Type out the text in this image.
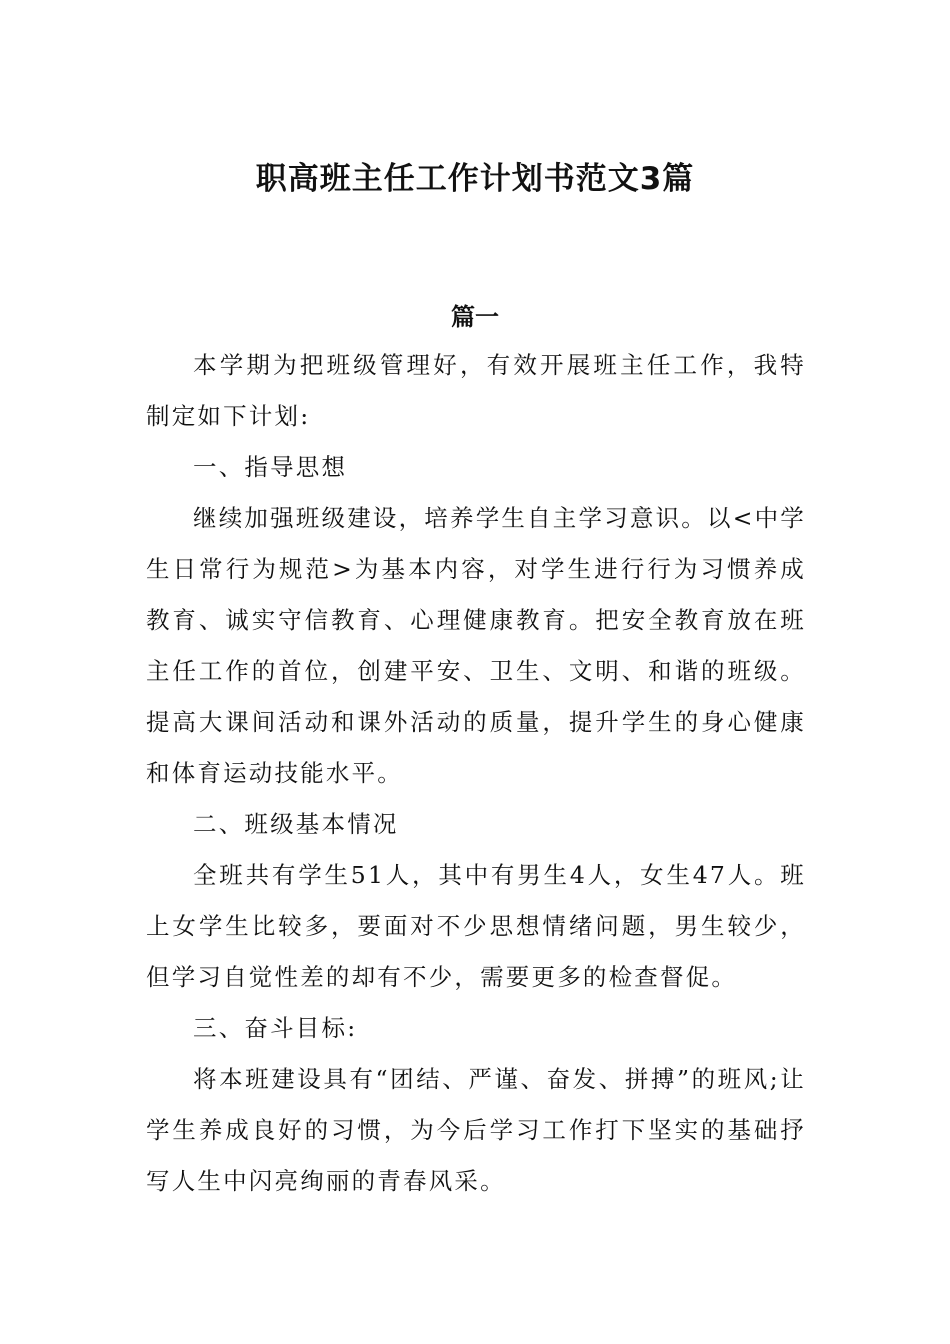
职高班主任工作计划书范文3篇
篇一

本学期为把班级管理好，有效开展班主任工作，我特制定如下计划:

一、指导思想

继续加强班级建设，培养学生自主学习意识。以<中学生日常行为规范>为基本内容，对学生进行行为习惯养成教育、诚实守信教育、心理健康教育。把安全教育放在班主任工作的首位，创建平安、卫生、文明、和谐的班级。提高大课间活动和课外活动的质量，提升学生的身心健康和体育运动技能水平。

二、班级基本情况

全班共有学生51人，其中有男生4人，女生47人。班上女学生比较多，要面对不少思想情绪问题，男生较少，但学习自觉性差的却有不少，需要更多的检查督促。

三、奋斗目标:

将本班建设具有“团结、严谨、奋发、拼搏”的班风;让学生养成良好的习惯，为今后学习工作打下坚实的基础抒写人生中闪亮绚丽的青春风采。
